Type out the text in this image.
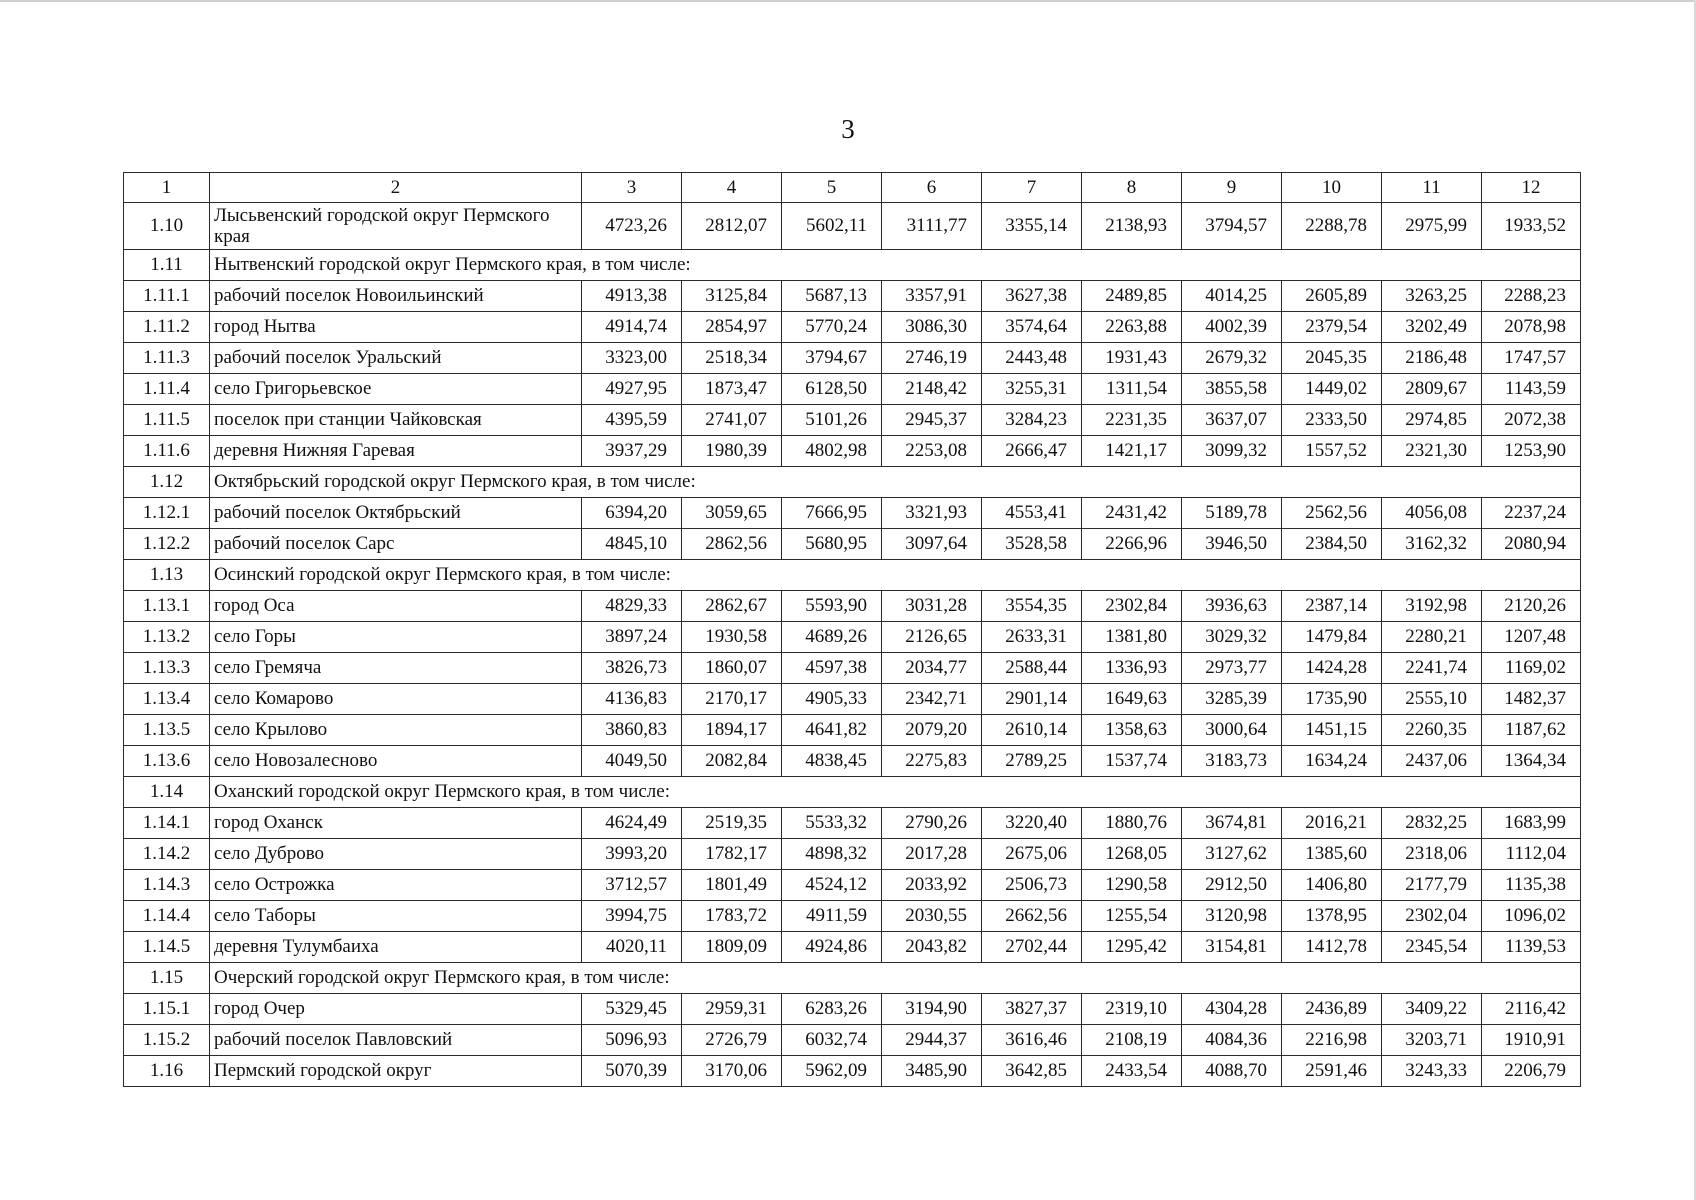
3
1	2	3	4	5	6	7	8	9	10	11	12
1.10	Лысьвенский городской округ Пермского края	4723,26	2812,07	5602,11	3111,77	3355,14	2138,93	3794,57	2288,78	2975,99	1933,52
1.11	Нытвенский городской округ Пермского края, в том числе:										
1.11.1	рабочий поселок Новоильинский	4913,38	3125,84	5687,13	3357,91	3627,38	2489,85	4014,25	2605,89	3263,25	2288,23
1.11.2	город Нытва	4914,74	2854,97	5770,24	3086,30	3574,64	2263,88	4002,39	2379,54	3202,49	2078,98
1.11.3	рабочий поселок Уральский	3323,00	2518,34	3794,67	2746,19	2443,48	1931,43	2679,32	2045,35	2186,48	1747,57
1.11.4	село Григорьевское	4927,95	1873,47	6128,50	2148,42	3255,31	1311,54	3855,58	1449,02	2809,67	1143,59
1.11.5	поселок при станции Чайковская	4395,59	2741,07	5101,26	2945,37	3284,23	2231,35	3637,07	2333,50	2974,85	2072,38
1.11.6	деревня Нижняя Гаревая	3937,29	1980,39	4802,98	2253,08	2666,47	1421,17	3099,32	1557,52	2321,30	1253,90
1.12	Октябрьский городской округ Пермского края, в том числе:										
1.12.1	рабочий поселок Октябрьский	6394,20	3059,65	7666,95	3321,93	4553,41	2431,42	5189,78	2562,56	4056,08	2237,24
1.12.2	рабочий поселок Сарс	4845,10	2862,56	5680,95	3097,64	3528,58	2266,96	3946,50	2384,50	3162,32	2080,94
1.13	Осинский городской округ Пермского края, в том числе:										
1.13.1	город Оса	4829,33	2862,67	5593,90	3031,28	3554,35	2302,84	3936,63	2387,14	3192,98	2120,26
1.13.2	село Горы	3897,24	1930,58	4689,26	2126,65	2633,31	1381,80	3029,32	1479,84	2280,21	1207,48
1.13.3	село Гремяча	3826,73	1860,07	4597,38	2034,77	2588,44	1336,93	2973,77	1424,28	2241,74	1169,02
1.13.4	село Комарово	4136,83	2170,17	4905,33	2342,71	2901,14	1649,63	3285,39	1735,90	2555,10	1482,37
1.13.5	село Крылово	3860,83	1894,17	4641,82	2079,20	2610,14	1358,63	3000,64	1451,15	2260,35	1187,62
1.13.6	село Новозалесново	4049,50	2082,84	4838,45	2275,83	2789,25	1537,74	3183,73	1634,24	2437,06	1364,34
1.14	Оханский городской округ Пермского края, в том числе:										
1.14.1	город Оханск	4624,49	2519,35	5533,32	2790,26	3220,40	1880,76	3674,81	2016,21	2832,25	1683,99
1.14.2	село Дуброво	3993,20	1782,17	4898,32	2017,28	2675,06	1268,05	3127,62	1385,60	2318,06	1112,04
1.14.3	село Острожка	3712,57	1801,49	4524,12	2033,92	2506,73	1290,58	2912,50	1406,80	2177,79	1135,38
1.14.4	село Таборы	3994,75	1783,72	4911,59	2030,55	2662,56	1255,54	3120,98	1378,95	2302,04	1096,02
1.14.5	деревня Тулумбаиха	4020,11	1809,09	4924,86	2043,82	2702,44	1295,42	3154,81	1412,78	2345,54	1139,53
1.15	Очерский городской округ Пермского края, в том числе:										
1.15.1	город Очер	5329,45	2959,31	6283,26	3194,90	3827,37	2319,10	4304,28	2436,89	3409,22	2116,42
1.15.2	рабочий поселок Павловский	5096,93	2726,79	6032,74	2944,37	3616,46	2108,19	4084,36	2216,98	3203,71	1910,91
1.16	Пермский городской округ	5070,39	3170,06	5962,09	3485,90	3642,85	2433,54	4088,70	2591,46	3243,33	2206,79
